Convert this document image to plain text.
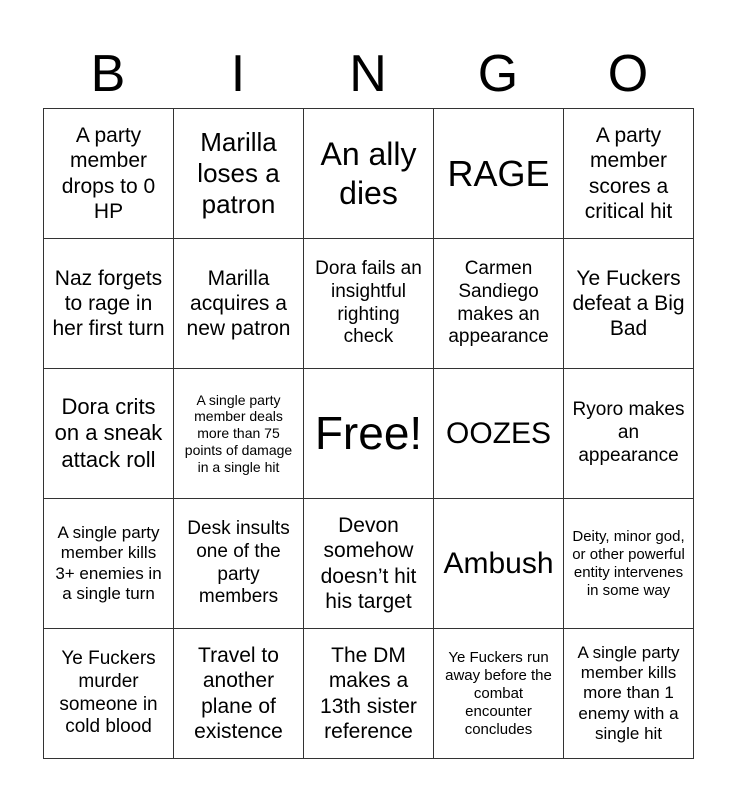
B	I	N	G	O
A party member drops to 0 HP	Marilla loses a patron	An ally dies	RAGE	A party member scores a critical hit
Naz forgets to rage in her first turn	Marilla acquires a new patron	Dora fails an insightful righting check	Carmen Sandiego makes an appearance	Ye Fuckers defeat a Big Bad
Dora crits on a sneak attack roll	A single party member deals more than 75 points of damage in a single hit	Free!	OOZES	Ryoro makes an appearance
A single party member kills 3+ enemies in a single turn	Desk insults one of the party members	Devon somehow doesn’t hit his target	Ambush	Deity, minor god, or other powerful entity intervenes in some way
Ye Fuckers murder someone in cold blood	Travel to another plane of existence	The DM makes a 13th sister reference	Ye Fuckers run away before the combat encounter concludes	A single party member kills more than 1 enemy with a single hit
